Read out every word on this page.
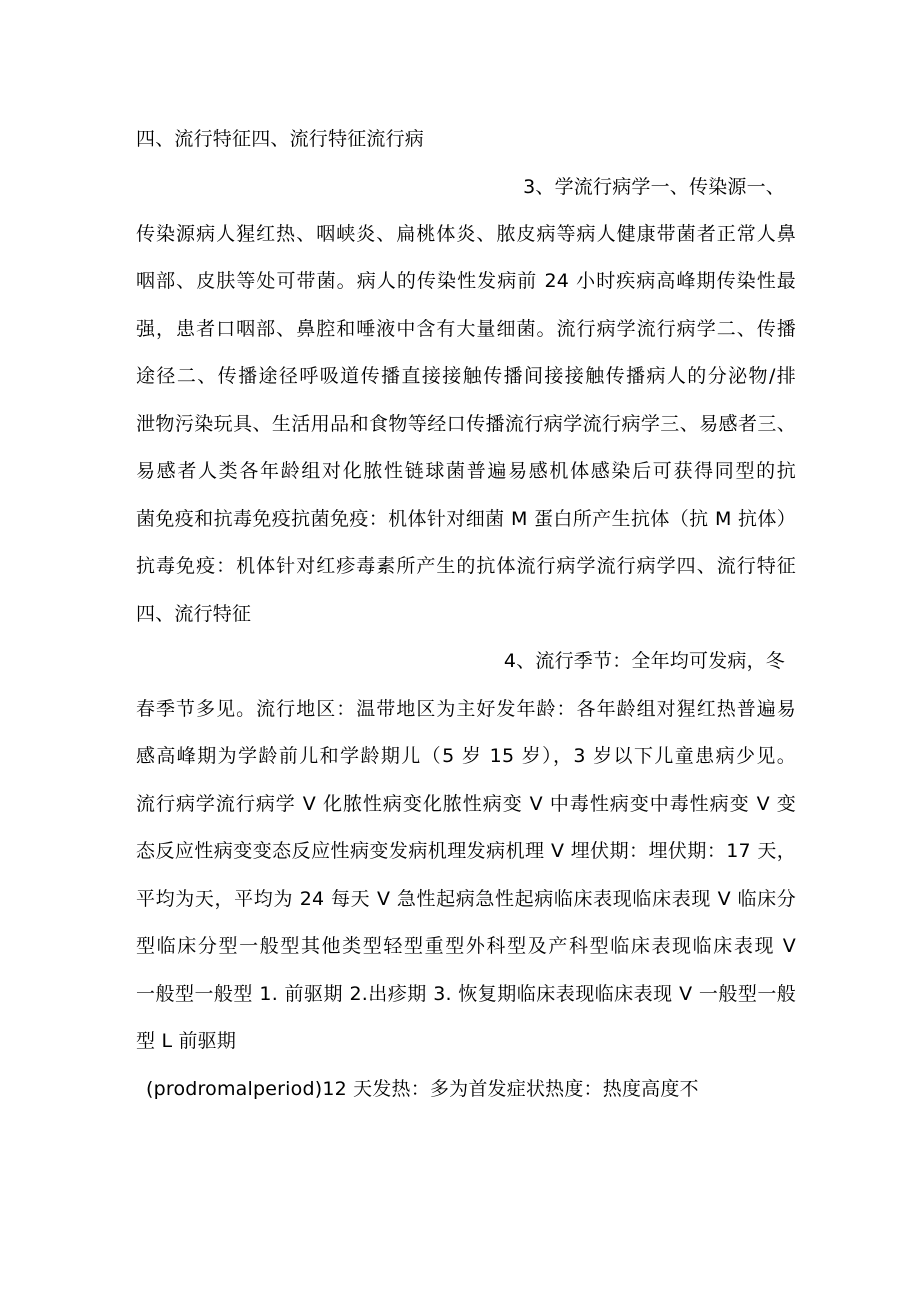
四、流行特征四、流行特征流行病
3、学流行病学一、传染源一、
传染源病人猩红热、咽峡炎、扁桃体炎、脓皮病等病人健康带菌者正常人鼻
咽部、皮肤等处可带菌。病人的传染性发病前 24 小时疾病高峰期传染性最
强，患者口咽部、鼻腔和唾液中含有大量细菌。流行病学流行病学二、传播
途径二、传播途径呼吸道传播直接接触传播间接接触传播病人的分泌物/排
泄物污染玩具、生活用品和食物等经口传播流行病学流行病学三、易感者三、
易感者人类各年龄组对化脓性链球菌普遍易感机体感染后可获得同型的抗
菌免疫和抗毒免疫抗菌免疫：机体针对细菌 M 蛋白所产生抗体（抗 M 抗体）
抗毒免疫：机体针对红疹毒素所产生的抗体流行病学流行病学四、流行特征
四、流行特征
4、流行季节：全年均可发病，冬
春季节多见。流行地区：温带地区为主好发年龄：各年龄组对猩红热普遍易
感高峰期为学龄前儿和学龄期儿（5 岁 15 岁），3 岁以下儿童患病少见。
流行病学流行病学 V 化脓性病变化脓性病变 V 中毒性病变中毒性病变 V 变
态反应性病变变态反应性病变发病机理发病机理 V 埋伏期：埋伏期：17 天，
平均为天，平均为 24 每天 V 急性起病急性起病临床表现临床表现 V 临床分
型临床分型一般型其他类型轻型重型外科型及产科型临床表现临床表现 V
一般型一般型 1. 前驱期 2.出疹期 3. 恢复期临床表现临床表现 V 一般型一般
型 L 前驱期
(prodromalperiod)12 天发热：多为首发症状热度：热度高度不
